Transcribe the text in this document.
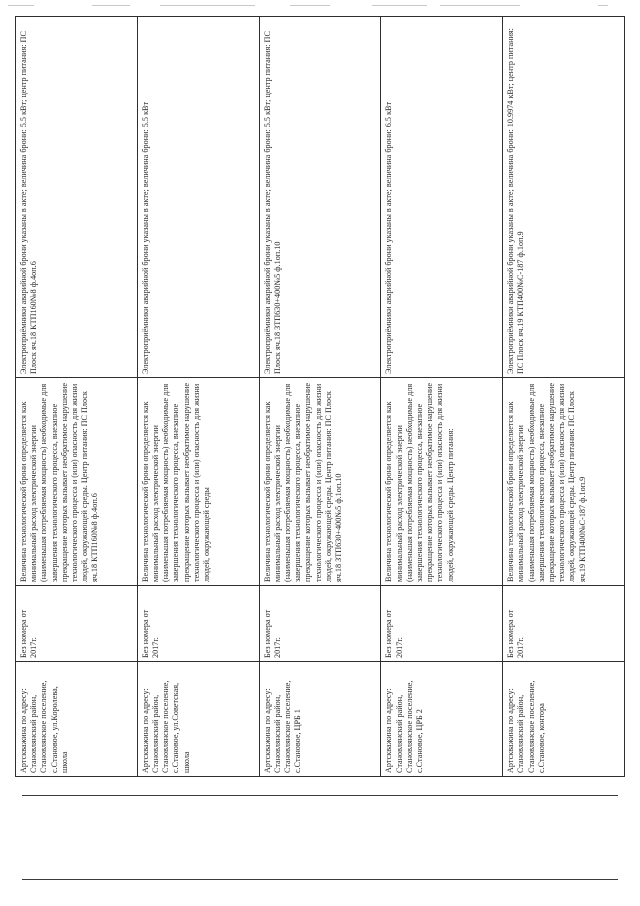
Артскважина по адресу: Становлянский район, Становлянское поселение, с.Становое, ул.Королева, школа	Без номера от 2017г.	Величина технологической брони определяется как минимальный расход электрической энергии (наименьшая потребляемая мощность) необходимые для завершения технологического процесса, внезапное прекращение которых вызывает необратимое нарушение технологического процесса и (или) опасность для жизни людей, окружающей среды. Центр питания: ПС Плоск яч.18 КТП160№8 ф.4оп.6	Электроприёмники аварийной брони указаны в акте; величина брони: 5.5 кВт; центр питания: ПС Плоск яч.18 КТП160№8 ф.4оп.6
Артскважина по адресу: Становлянский район, Становлянское поселение, с.Становое, ул.Советская, школа	Без номера от 2017г.	Величина технологической брони определяется как минимальный расход электрической энергии (наименьшая потребляемая мощность) необходимые для завершения технологического процесса, внезапное прекращение которых вызывает необратимое нарушение технологического процесса и (или) опасность для жизни людей, окружающей среды	Электроприёмники аварийной брони указаны в акте; величина брони: 5.5 кВт
Артскважина по адресу: Становлянский район, Становлянское поселение, с.Становое, ЦРБ 1	Без номера от 2017г.	Величина технологической брони определяется как минимальный расход электрической энергии (наименьшая потребляемая мощность) необходимые для завершения технологического процесса, внезапное прекращение которых вызывает необратимое нарушение технологического процесса и (или) опасность для жизни людей, окружающей среды. Центр питания: ПС Плоск яч.18 ЗТП630+400№5 ф.1оп.10	Электроприёмники аварийной брони указаны в акте; величина брони: 5.5 кВт; центр питания: ПС Плоск яч.18 ЗТП630+400№5 ф.1оп.10
Артскважина по адресу: Становлянский район, Становлянское поселение, с.Становое, ЦРБ 2	Без номера от 2017г.	Величина технологической брони определяется как минимальный расход электрической энергии (наименьшая потребляемая мощность) необходимые для завершения технологического процесса, внезапное прекращение которых вызывает необратимое нарушение технологического процесса и (или) опасность для жизни людей, окружающей среды. Центр питания:	Электроприёмники аварийной брони указаны в акте; величина брони: 6.5 кВт
Артскважина по адресу: Становлянский район, Становлянское поселение, с.Становое, контора	Без номера от 2017г.	Величина технологической брони определяется как минимальный расход электрической энергии (наименьшая потребляемая мощность) необходимые для завершения технологического процесса, внезапное прекращение которых вызывает необратимое нарушение технологического процесса и (или) опасность для жизни людей, окружающей среды. Центр питания: ПС Плоск яч.19 КТП400№С-187 ф.1оп.9	Электроприёмники аварийной брони указаны в акте; величина брони: 10.9974 кВт; центр питания: ПС Плоск яч.19 КТП400№С-187 ф.1оп.9
